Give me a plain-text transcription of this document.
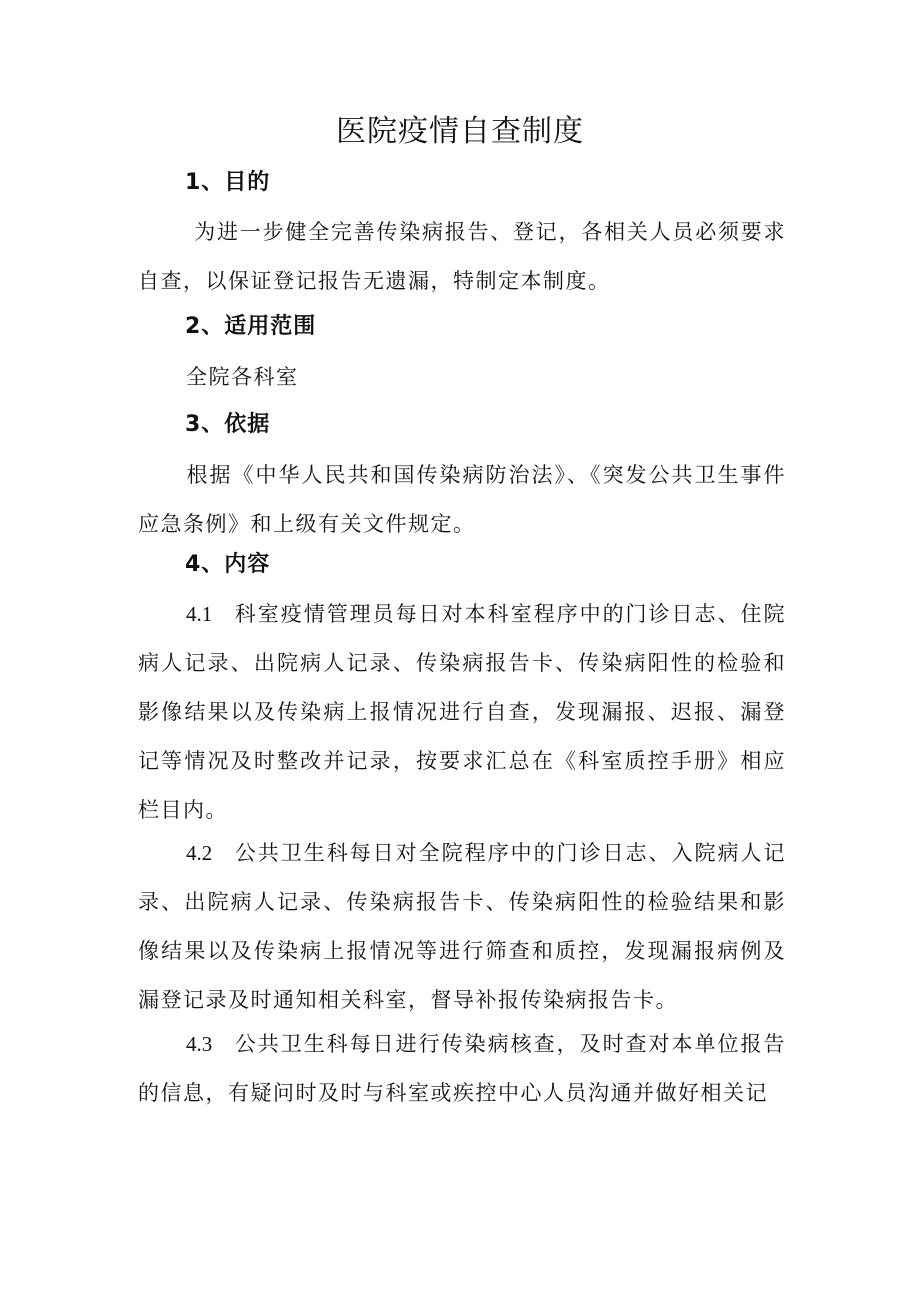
医院疫情自查制度
1、目的

为进一步健全完善传染病报告、登记，各相关人员必须要求自查，以保证登记报告无遗漏，特制定本制度。

2、适用范围

全院各科室

3、依据

根据《中华人民共和国传染病防治法》、《突发公共卫生事件应急条例》和上级有关文件规定。

4、内容

4.1 科室疫情管理员每日对本科室程序中的门诊日志、住院病人记录、出院病人记录、传染病报告卡、传染病阳性的检验和影像结果以及传染病上报情况进行自查，发现漏报、迟报、漏登记等情况及时整改并记录，按要求汇总在《科室质控手册》相应栏目内。

4.2 公共卫生科每日对全院程序中的门诊日志、入院病人记录、出院病人记录、传染病报告卡、传染病阳性的检验结果和影像结果以及传染病上报情况等进行筛查和质控，发现漏报病例及漏登记录及时通知相关科室，督导补报传染病报告卡。

4.3 公共卫生科每日进行传染病核查，及时查对本单位报告的信息，有疑问时及时与科室或疾控中心人员沟通并做好相关记
